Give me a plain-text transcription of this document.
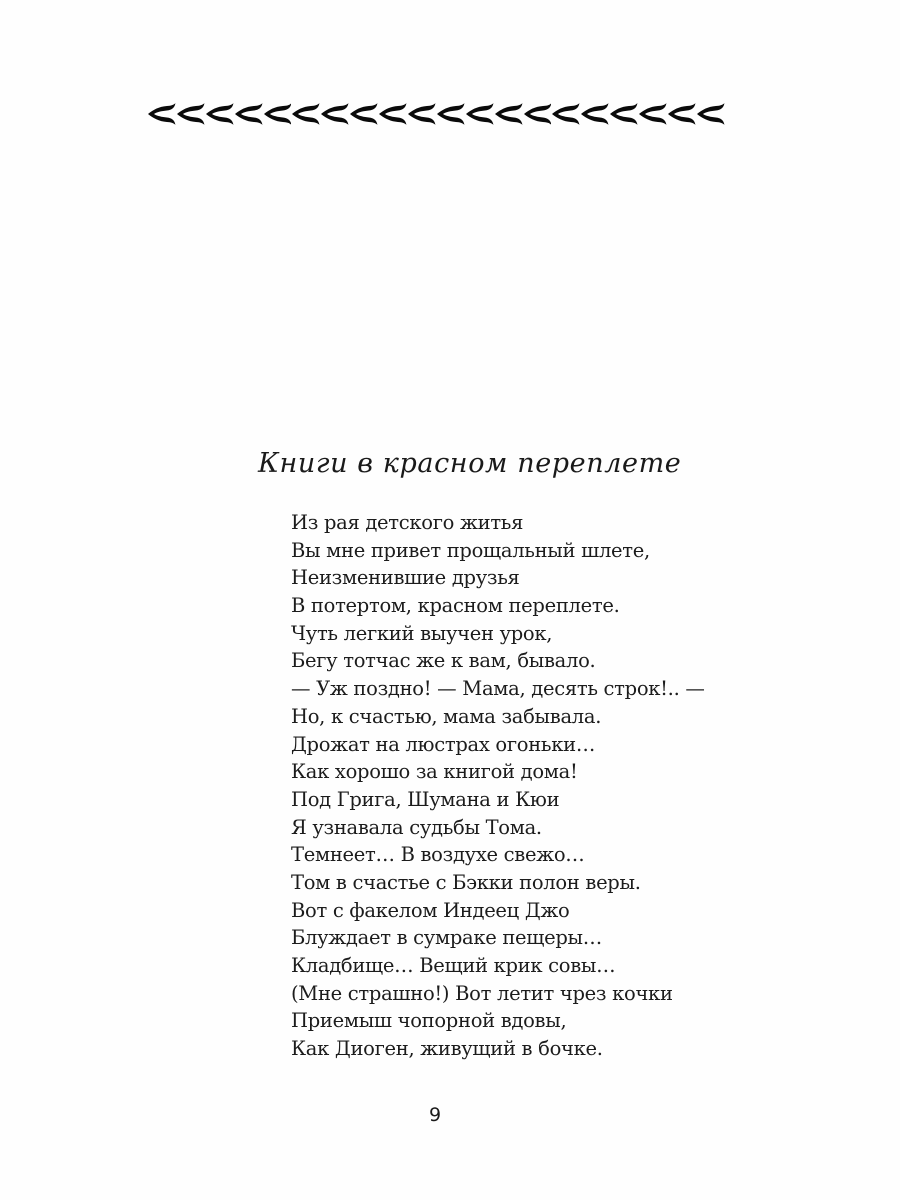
Книги в красном переплете
Из рая детского житья
Вы мне привет прощальный шлете,
Неизменившие друзья
В потертом, красном переплете.
Чуть легкий выучен урок,
Бегу тотчас же к вам, бывало.
— Уж поздно! — Мама, десять строк!.. —
Но, к счастью, мама забывала.
Дрожат на люстрах огоньки…
Как хорошо за книгой дома!
Под Грига, Шумана и Кюи
Я узнавала судьбы Тома.
Темнеет… В воздухе свежо…
Том в счастье с Бэкки полон веры.
Вот с факелом Индеец Джо
Блуждает в сумраке пещеры…
Кладбище… Вещий крик совы…
(Мне страшно!) Вот летит чрез кочки
Приемыш чопорной вдовы,
Как Диоген, живущий в бочке.
9
